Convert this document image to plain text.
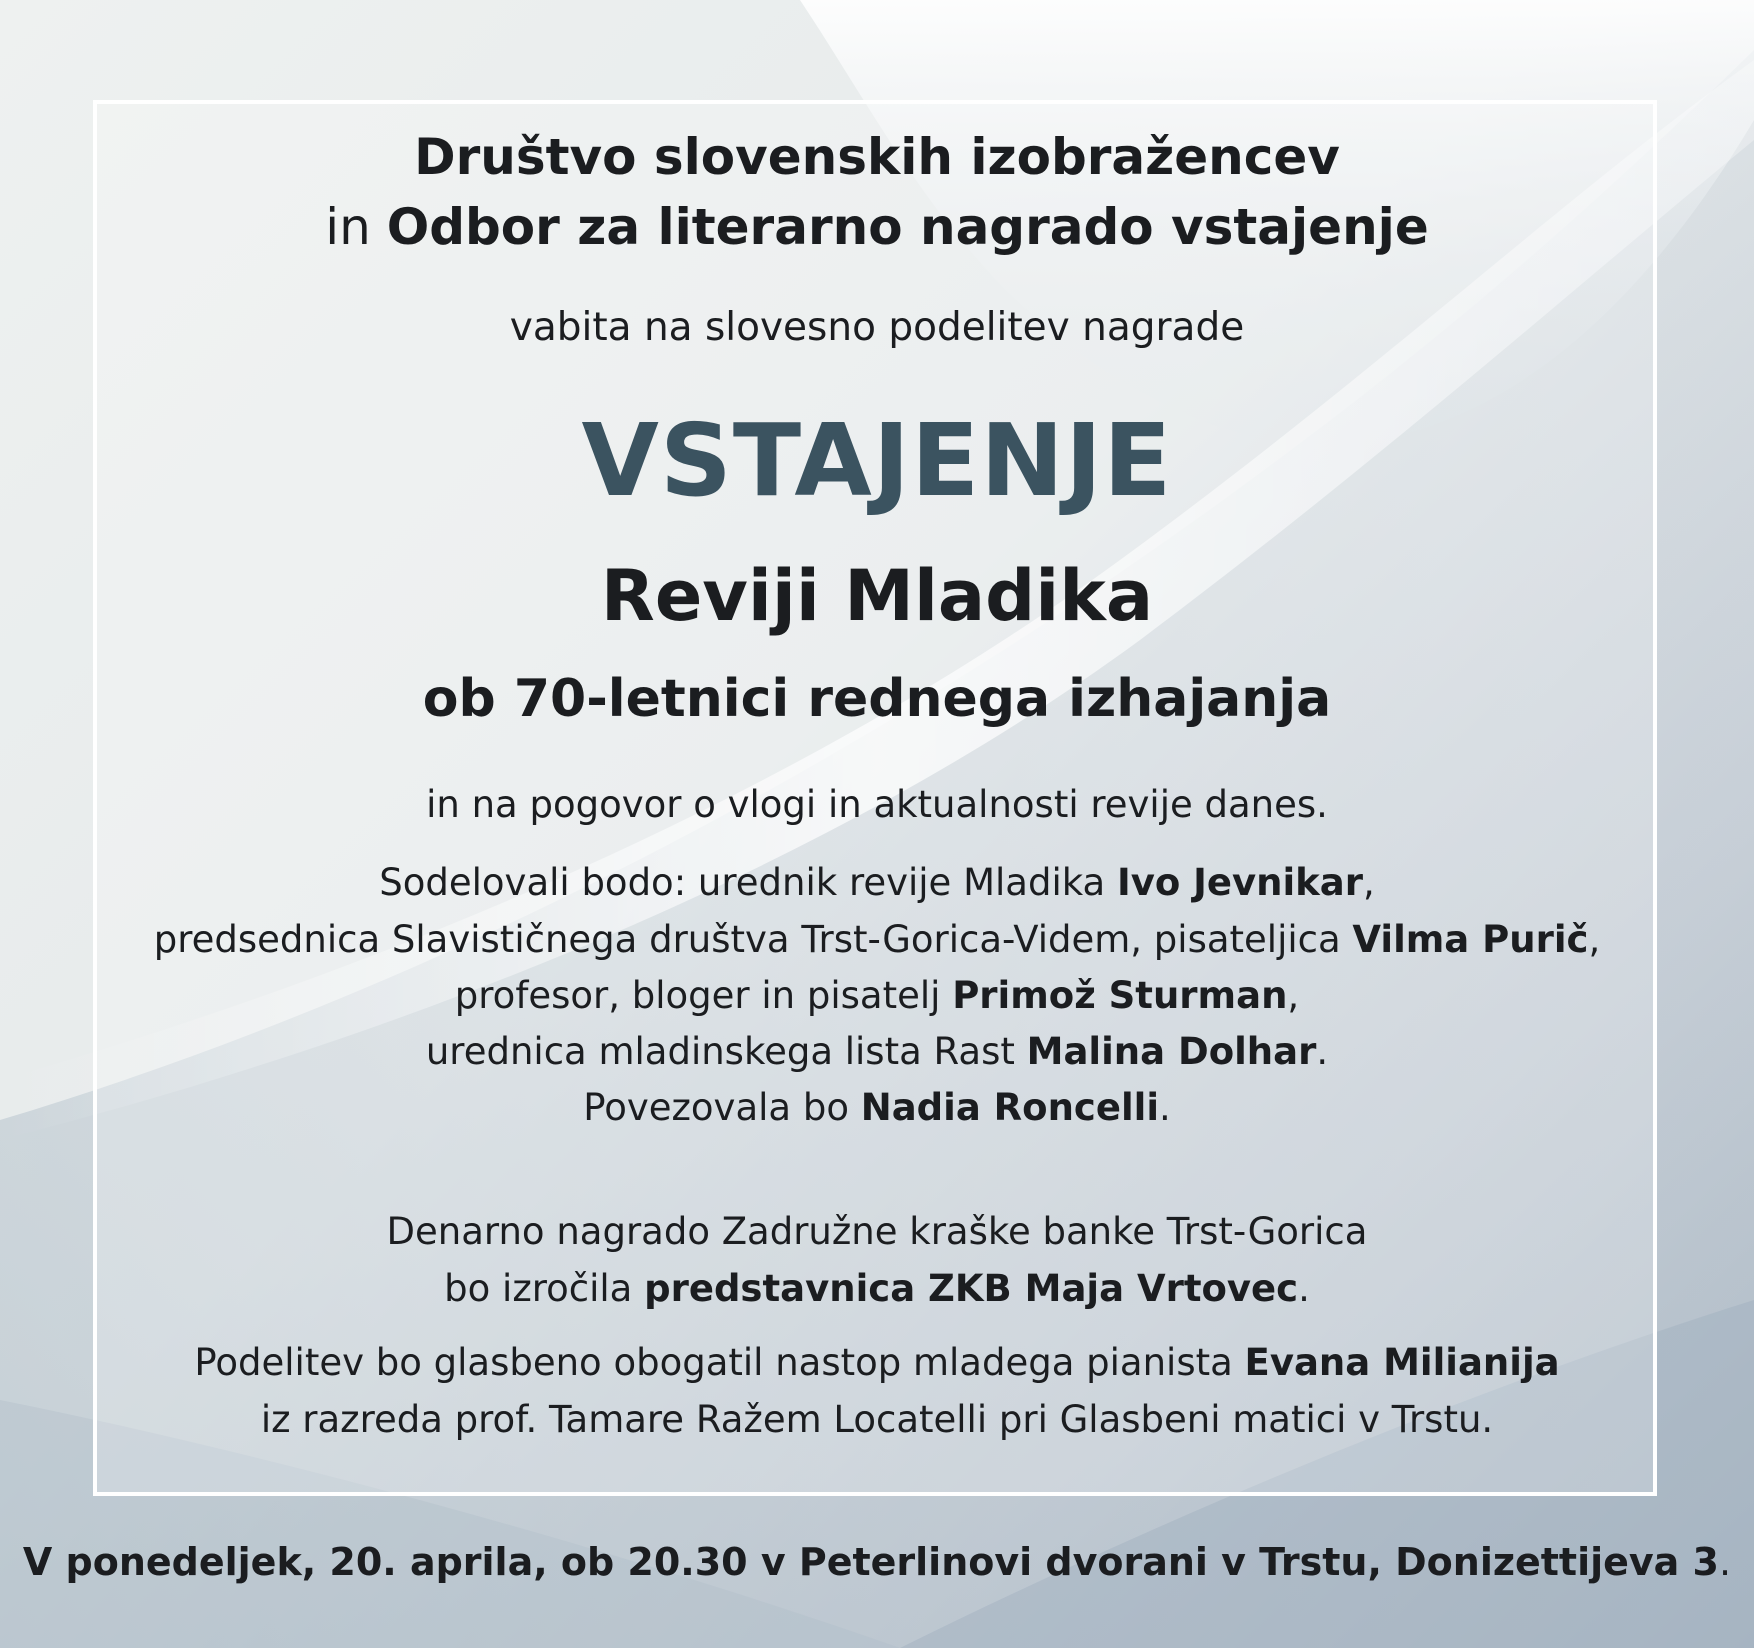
Društvo slovenskih izobražencev
in Odbor za literarno nagrado vstajenje
vabita na slovesno podelitev nagrade
VSTAJENJE
Reviji Mladika
ob 70-letnici rednega izhajanja
in na pogovor o vlogi in aktualnosti revije danes.
Sodelovali bodo: urednik revije Mladika Ivo Jevnikar,
predsednica Slavističnega društva Trst-Gorica-Videm, pisateljica Vilma Purič,
profesor, bloger in pisatelj Primož Sturman,
urednica mladinskega lista Rast Malina Dolhar.
Povezovala bo Nadia Roncelli.
Denarno nagrado Zadružne kraške banke Trst-Gorica
bo izročila predstavnica ZKB Maja Vrtovec.
Podelitev bo glasbeno obogatil nastop mladega pianista Evana Milianija
iz razreda prof. Tamare Ražem Locatelli pri Glasbeni matici v Trstu.
V ponedeljek, 20. aprila, ob 20.30 v Peterlinovi dvorani v Trstu, Donizettijeva 3.
